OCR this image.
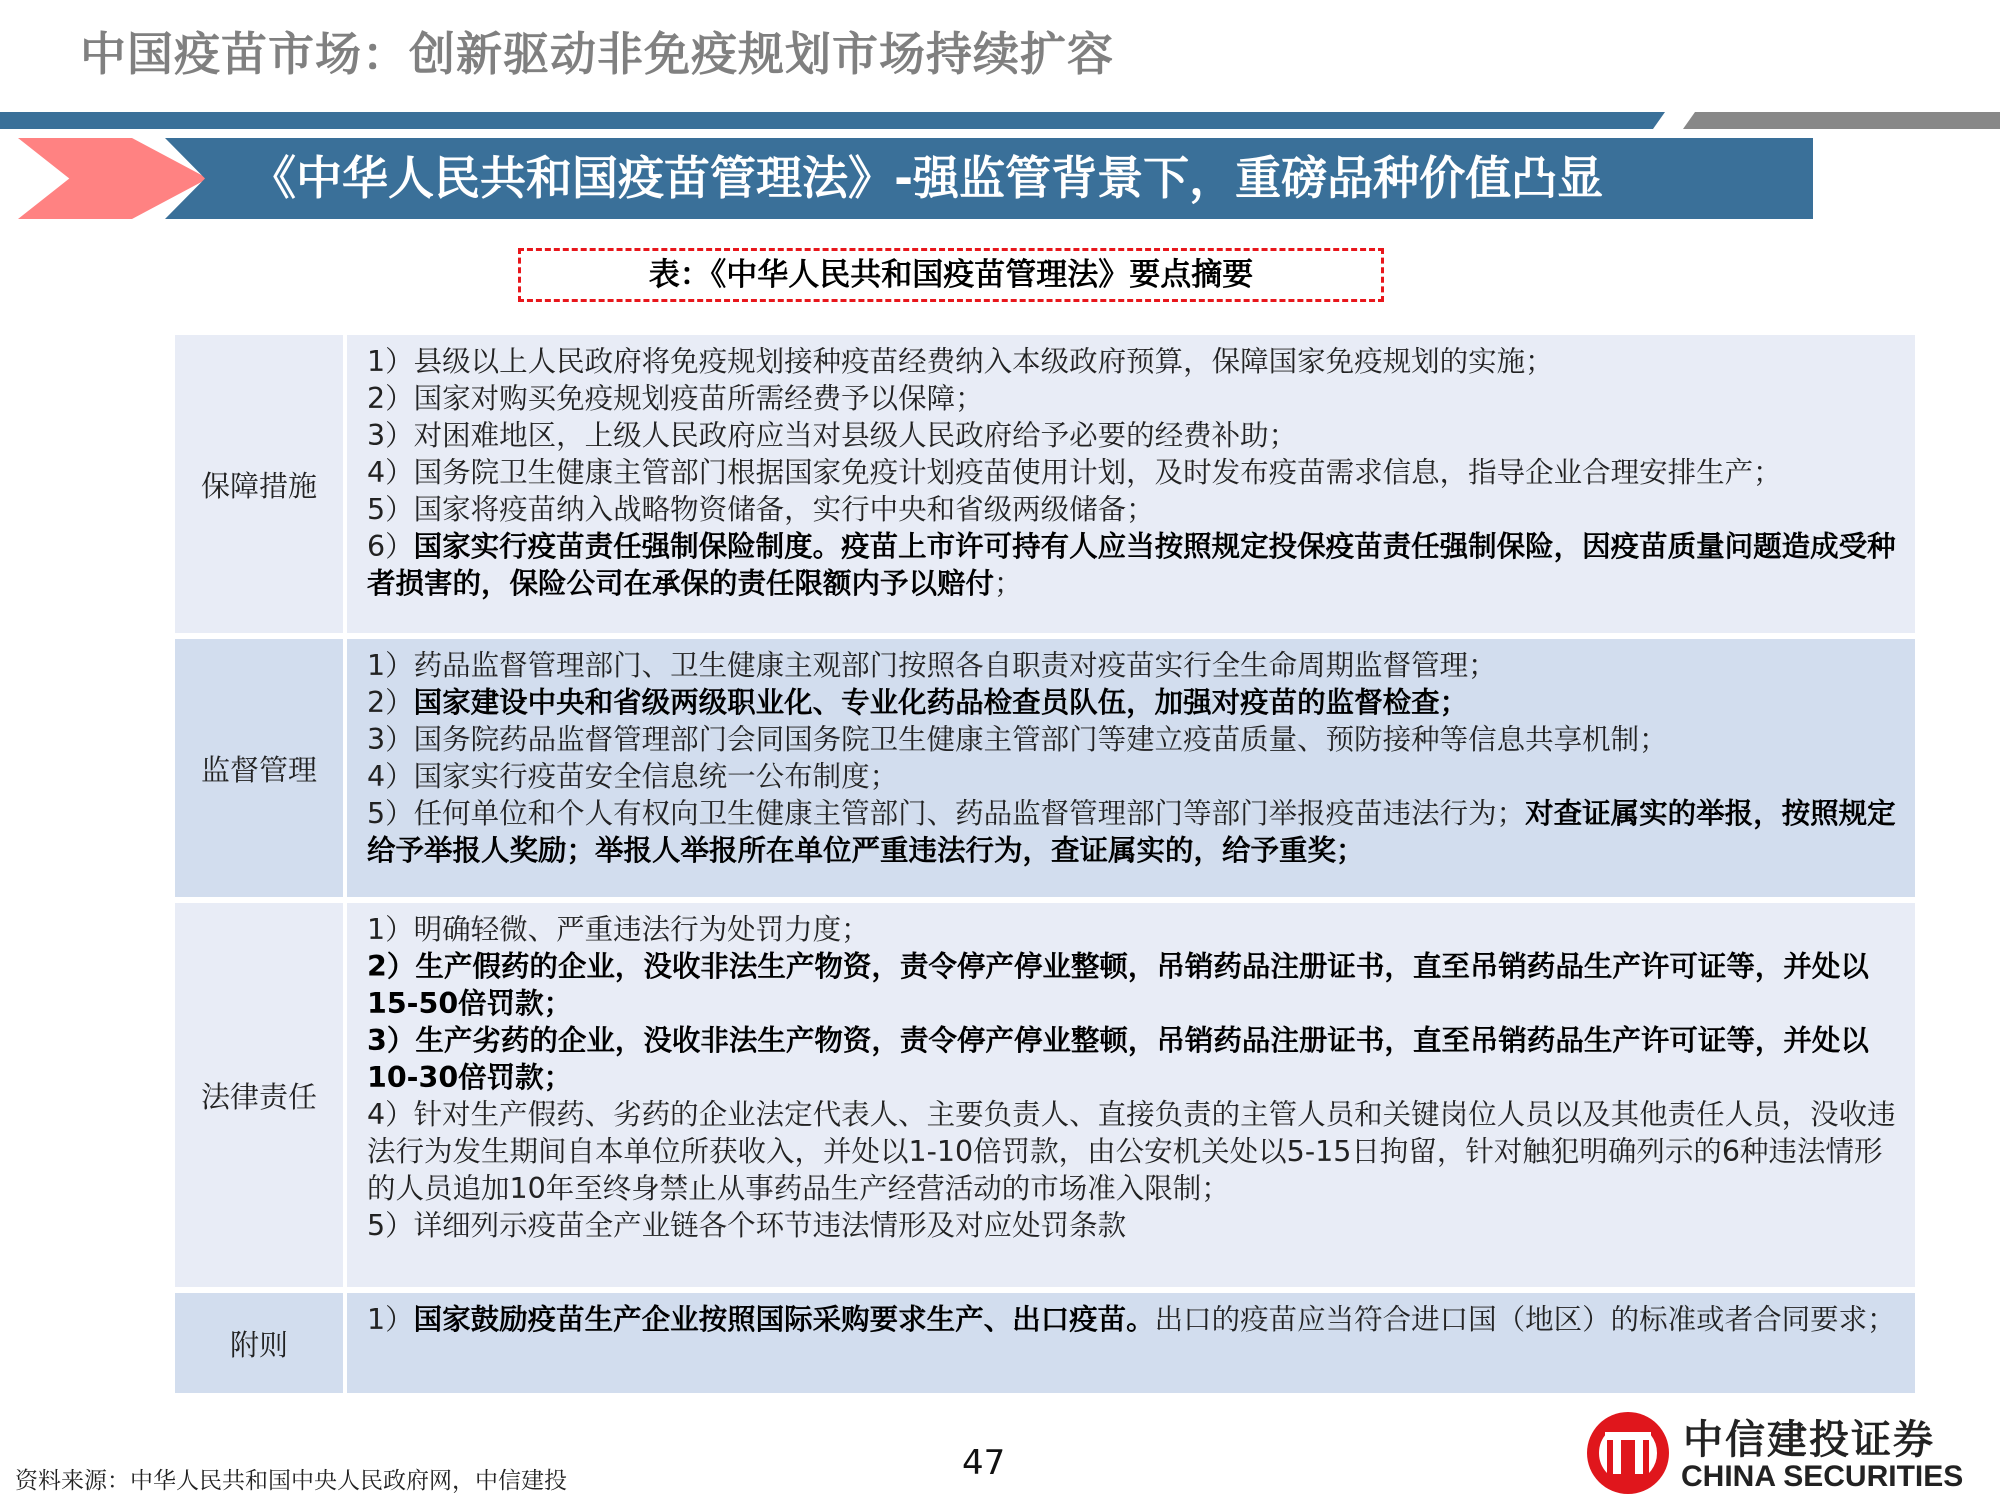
中国疫苗市场：创新驱动非免疫规划市场持续扩容
《中华人民共和国疫苗管理法》-强监管背景下，重磅品种价值凸显
表：《中华人民共和国疫苗管理法》要点摘要
保障措施
1）县级以上人民政府将免疫规划接种疫苗经费纳入本级政府预算，保障国家免疫规划的实施；
2）国家对购买免疫规划疫苗所需经费予以保障；
3）对困难地区，上级人民政府应当对县级人民政府给予必要的经费补助；
4）国务院卫生健康主管部门根据国家免疫计划疫苗使用计划，及时发布疫苗需求信息，指导企业合理安排生产；
5）国家将疫苗纳入战略物资储备，实行中央和省级两级储备；
6）国家实行疫苗责任强制保险制度。疫苗上市许可持有人应当按照规定投保疫苗责任强制保险，因疫苗质量问题造成受种者损害的，保险公司在承保的责任限额内予以赔付；
监督管理
1）药品监督管理部门、卫生健康主观部门按照各自职责对疫苗实行全生命周期监督管理；
2）国家建设中央和省级两级职业化、专业化药品检查员队伍，加强对疫苗的监督检查；
3）国务院药品监督管理部门会同国务院卫生健康主管部门等建立疫苗质量、预防接种等信息共享机制；
4）国家实行疫苗安全信息统一公布制度；
5）任何单位和个人有权向卫生健康主管部门、药品监督管理部门等部门举报疫苗违法行为；对查证属实的举报，按照规定给予举报人奖励；举报人举报所在单位严重违法行为，查证属实的，给予重奖；
法律责任
1）明确轻微、严重违法行为处罚力度；
2）生产假药的企业，没收非法生产物资，责令停产停业整顿，吊销药品注册证书，直至吊销药品生产许可证等，并处以15-50倍罚款；
3）生产劣药的企业，没收非法生产物资，责令停产停业整顿，吊销药品注册证书，直至吊销药品生产许可证等，并处以10-30倍罚款；
4）针对生产假药、劣药的企业法定代表人、主要负责人、直接负责的主管人员和关键岗位人员以及其他责任人员，没收违法行为发生期间自本单位所获收入，并处以1-10倍罚款，由公安机关处以5-15日拘留，针对触犯明确列示的6种违法情形的人员追加10年至终身禁止从事药品生产经营活动的市场准入限制；
5）详细列示疫苗全产业链各个环节违法情形及对应处罚条款
附则
1）国家鼓励疫苗生产企业按照国际采购要求生产、出口疫苗。出口的疫苗应当符合进口国（地区）的标准或者合同要求；
资料来源：中华人民共和国中央人民政府网，中信建投	47	中信建投证券
CHINA SECURITIES
